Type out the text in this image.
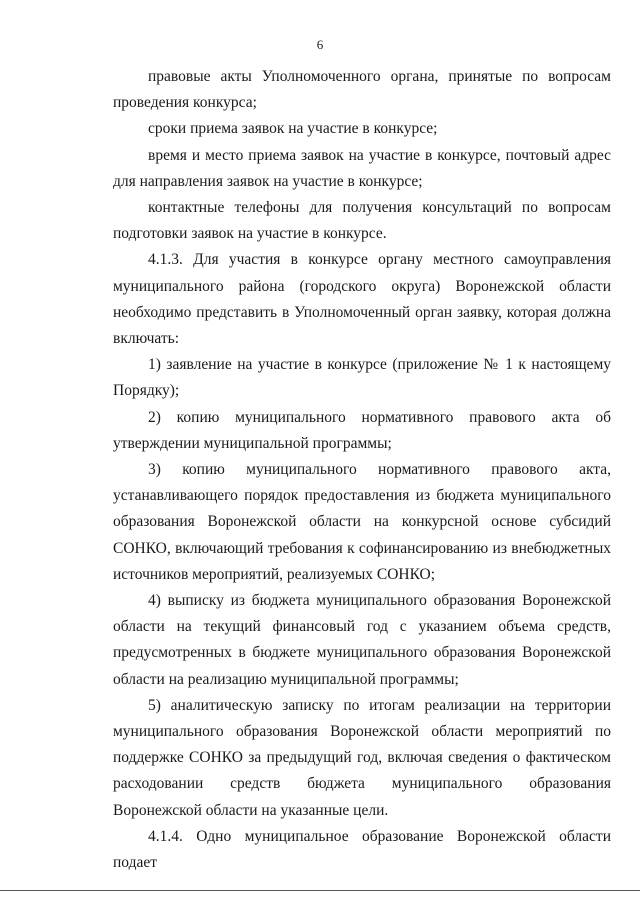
6

правовые акты Уполномоченного органа, принятые по вопросам проведения конкурса;

сроки приема заявок на участие в конкурсе;

время и место приема заявок на участие в конкурсе, почтовый адрес для направления заявок на участие в конкурсе;

контактные телефоны для получения консультаций по вопросам подготовки заявок на участие в конкурсе.

4.1.3. Для участия в конкурсе органу местного самоуправления муниципального района (городского округа) Воронежской области необходимо представить в Уполномоченный орган заявку, которая должна включать:

1) заявление на участие в конкурсе (приложение № 1 к настоящему Порядку);

2) копию муниципального нормативного правового акта об утверждении муниципальной программы;

3) копию муниципального нормативного правового акта, устанавливающего порядок предоставления из бюджета муниципального образования Воронежской области на конкурсной основе субсидий СОНКО, включающий требования к софинансированию из внебюджетных источников мероприятий, реализуемых СОНКО;

4) выписку из бюджета муниципального образования Воронежской области на текущий финансовый год с указанием объема средств, предусмотренных в бюджете муниципального образования Воронежской области на реализацию муниципальной программы;

5) аналитическую записку по итогам реализации на территории муниципального образования Воронежской области мероприятий по поддержке СОНКО за предыдущий год, включая сведения о фактическом расходовании средств бюджета муниципального образования Воронежской области на указанные цели.

4.1.4. Одно муниципальное образование Воронежской области подает
